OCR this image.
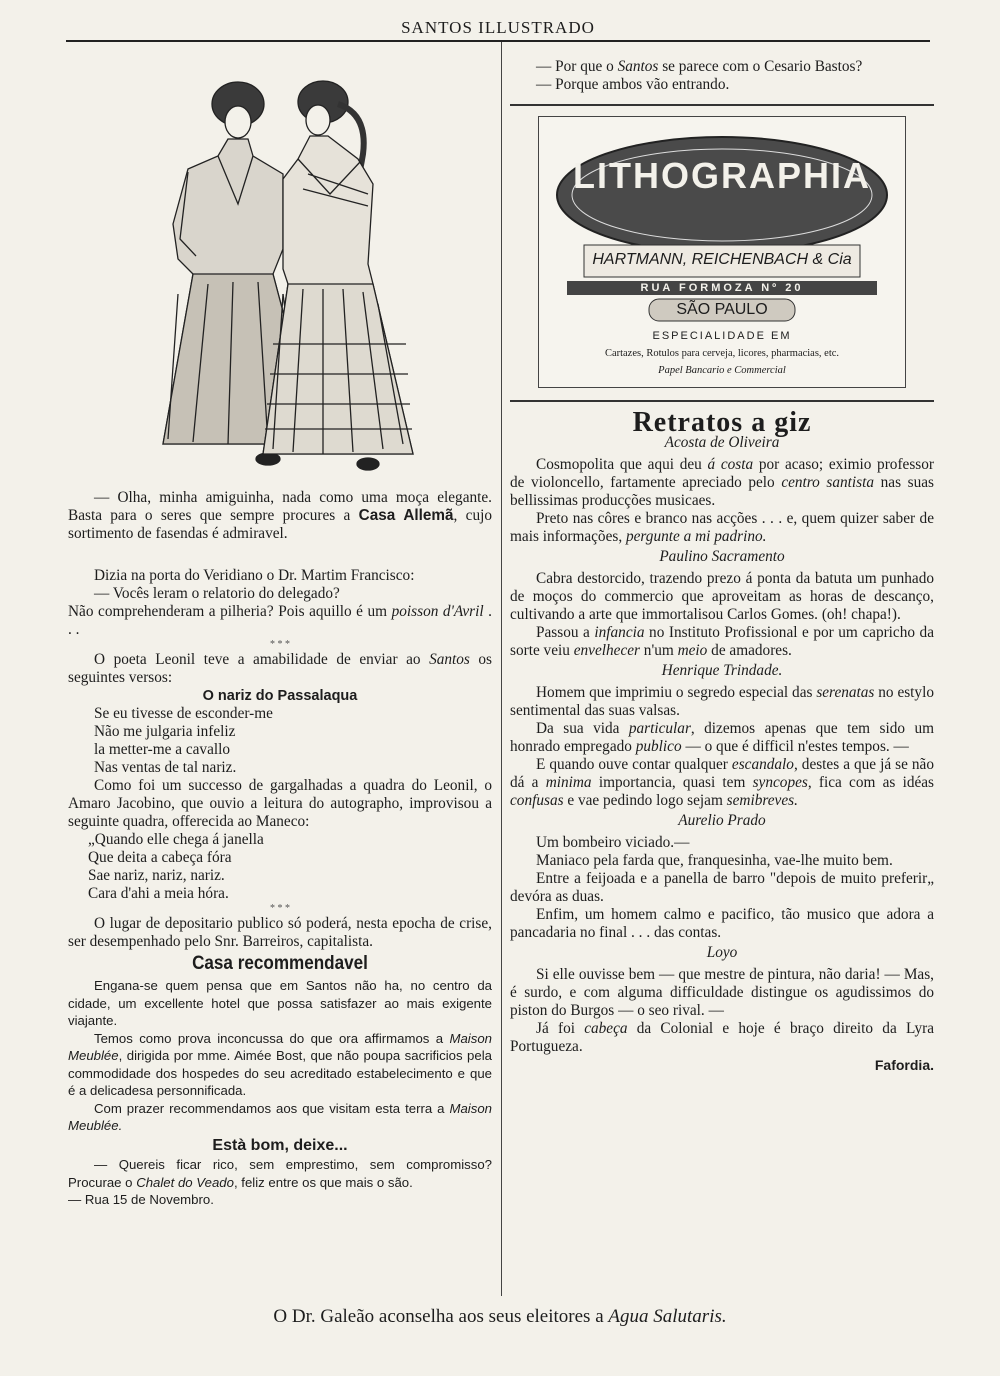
SANTOS ILLUSTRADO

— Olha, minha amiguinha, nada como uma moça elegante. Basta para o seres que sempre procures a Casa Allemã, cujo sortimento de fasendas é admiravel.

Dizia na porta do Veridiano o Dr. Martim Francisco:

— Vocês leram o relatorio do delegado?

Não comprehenderam a pilheria? Pois aquillo é um poisson d'Avril . . .

* * *

O poeta Leonil teve a amabilidade de enviar ao Santos os seguintes versos:

O nariz do Passalaqua
Se eu tivesse de esconder-me
Não me julgaria infeliz
la metter-me a cavallo
Nas ventas de tal nariz.

Como foi um successo de gargalhadas a quadra do Leonil, o Amaro Jacobino, que ouvio a leitura do autographo, improvisou a seguinte quadra, offerecida ao Maneco:

„Quando elle chega á janella
Que deita a cabeça fóra
Sae nariz, nariz, nariz.
Cara d'ahi a meia hóra.
* * *

O lugar de depositario publico só poderá, nesta epocha de crise, ser desempenhado pelo Snr. Barreiros, capitalista.

Casa recommendavel

Engana-se quem pensa que em Santos não ha, no centro da cidade, um excellente hotel que possa satisfazer ao mais exigente viajante.

Temos como prova inconcussa do que ora affirmamos a Maison Meublée, dirigida por mme. Aimée Bost, que não poupa sacrificios pela commodidade dos hospedes do seu acreditado estabelecimento e que é a delicadesa personnificada.

Com prazer recommendamos aos que visitam esta terra a Maison Meublée.

Està bom, deixe...

— Quereis ficar rico, sem emprestimo, sem compromisso? Procurae o Chalet do Veado, feliz entre os que mais o são.

— Rua 15 de Novembro.

— Por que o Santos se parece com o Cesario Bastos?

— Porque ambos vão entrando.

LITHOGRAPHIA
HARTMANN, REICHENBACH & Cia
RUA FORMOZA Nº 20
SÃO PAULO
ESPECIALIDADE EM
Cartazes, Rotulos para cerveja, licores, pharmacias, etc.
Papel Bancario e Commercial
Retratos a giz
Acosta de Oliveira

Cosmopolita que aqui deu á costa por acaso; eximio professor de violoncello, fartamente apreciado pelo centro santista nas suas bellissimas producções musicaes.

Preto nas côres e branco nas acções . . . e, quem quizer saber de mais informações, pergunte a mi padrino.

Paulino Sacramento

Cabra destorcido, trazendo prezo á ponta da batuta um punhado de moços do commercio que aproveitam as horas de descanço, cultivando a arte que immortalisou Carlos Gomes. (oh! chapa!).

Passou a infancia no Instituto Profissional e por um capricho da sorte veiu envelhecer n'um meio de amadores.

Henrique Trindade.

Homem que imprimiu o segredo especial das serenatas no estylo sentimental das suas valsas.

Da sua vida particular, dizemos apenas que tem sido um honrado empregado publico — o que é difficil n'estes tempos. —

E quando ouve contar qualquer escandalo, destes a que já se não dá a minima importancia, quasi tem syncopes, fica com as idéas confusas e vae pedindo logo sejam semibreves.

Aurelio Prado

Um bombeiro viciado.—

Maniaco pela farda que, franquesinha, vae-lhe muito bem.

Entre a feijoada e a panella de barro "depois de muito preferir„ devóra as duas.

Enfim, um homem calmo e pacifico, tão musico que adora a pancadaria no final . . . das contas.

Loyo

Si elle ouvisse bem — que mestre de pintura, não daria! — Mas, é surdo, e com alguma difficuldade distingue os agudissimos do piston do Burgos — o seo rival. —

Já foi cabeça da Colonial e hoje é braço direito da Lyra Portugueza.

Fafordia.
O Dr. Galeão aconselha aos seus eleitores a Agua Salutaris.
